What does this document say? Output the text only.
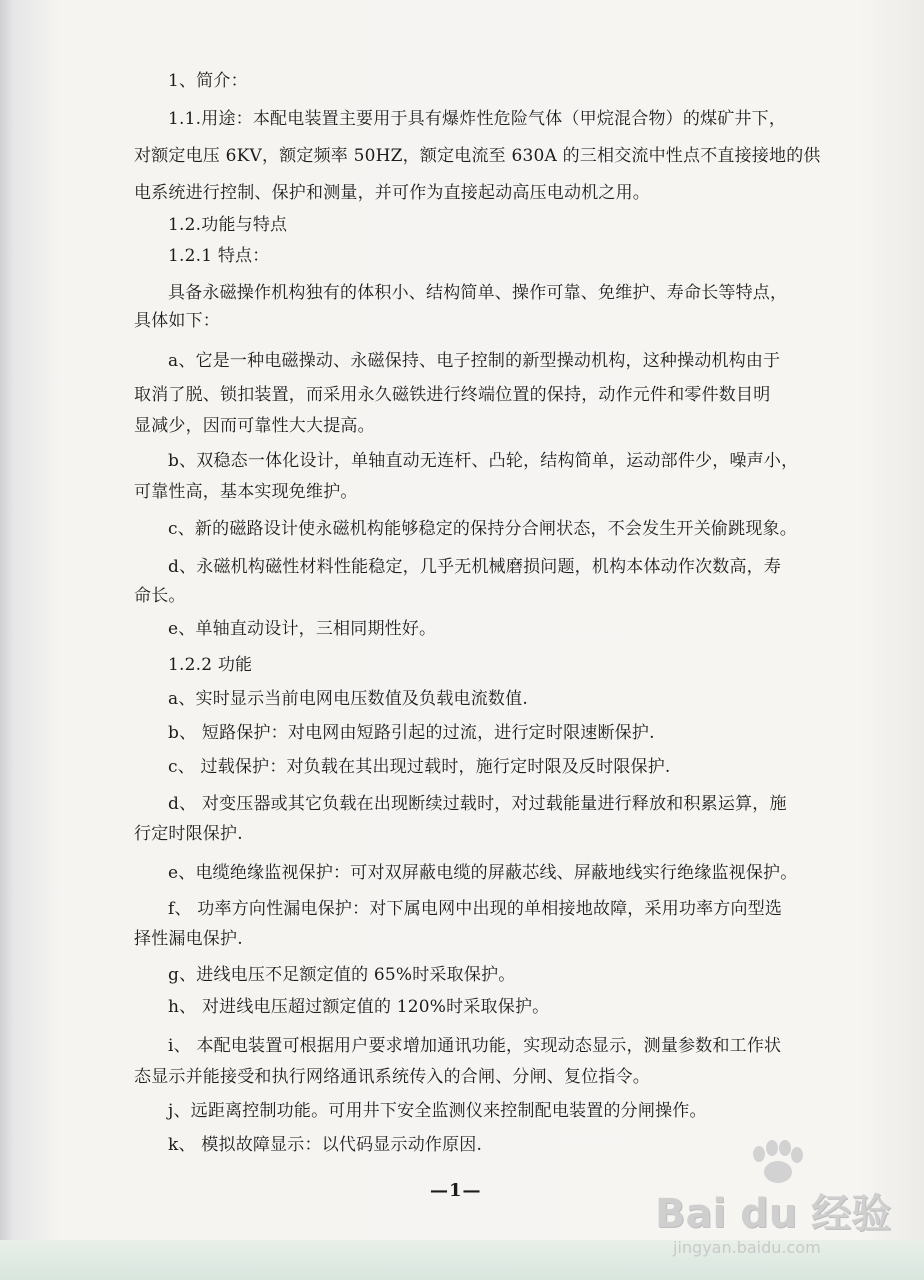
1、简介：
1.1.用途：本配电装置主要用于具有爆炸性危险气体（甲烷混合物）的煤矿井下，
对额定电压 6KV，额定频率 50HZ，额定电流至 630A 的三相交流中性点不直接接地的供
电系统进行控制、保护和测量，并可作为直接起动高压电动机之用。
1.2.功能与特点
1.2.1 特点：
具备永磁操作机构独有的体积小、结构简单、操作可靠、免维护、寿命长等特点，
具体如下：
a、它是一种电磁操动、永磁保持、电子控制的新型操动机构，这种操动机构由于
取消了脱、锁扣装置，而采用永久磁铁进行终端位置的保持，动作元件和零件数目明
显减少，因而可靠性大大提高。
b、双稳态一体化设计，单轴直动无连杆、凸轮，结构简单，运动部件少，噪声小，
可靠性高，基本实现免维护。
c、新的磁路设计使永磁机构能够稳定的保持分合闸状态，不会发生开关偷跳现象。
d、永磁机构磁性材料性能稳定，几乎无机械磨损问题，机构本体动作次数高，寿
命长。
e、单轴直动设计，三相同期性好。
1.2.2 功能
a、实时显示当前电网电压数值及负载电流数值.
b、 短路保护：对电网由短路引起的过流，进行定时限速断保护.
c、 过载保护：对负载在其出现过载时，施行定时限及反时限保护.
d、 对变压器或其它负载在出现断续过载时，对过载能量进行释放和积累运算，施
行定时限保护.
e、电缆绝缘监视保护：可对双屏蔽电缆的屏蔽芯线、屏蔽地线实行绝缘监视保护。
f、 功率方向性漏电保护：对下属电网中出现的单相接地故障，采用功率方向型选
择性漏电保护.
g、进线电压不足额定值的 65%时采取保护。
h、 对进线电压超过额定值的 120%时采取保护。
i、 本配电装置可根据用户要求增加通讯功能，实现动态显示，测量参数和工作状
态显示并能接受和执行网络通讯系统传入的合闸、分闸、复位指令。
j、远距离控制功能。可用井下安全监测仪来控制配电装置的分闸操作。
k、 模拟故障显示：以代码显示动作原因.
—1—
Bai du 经验
jingyan.baidu.com
